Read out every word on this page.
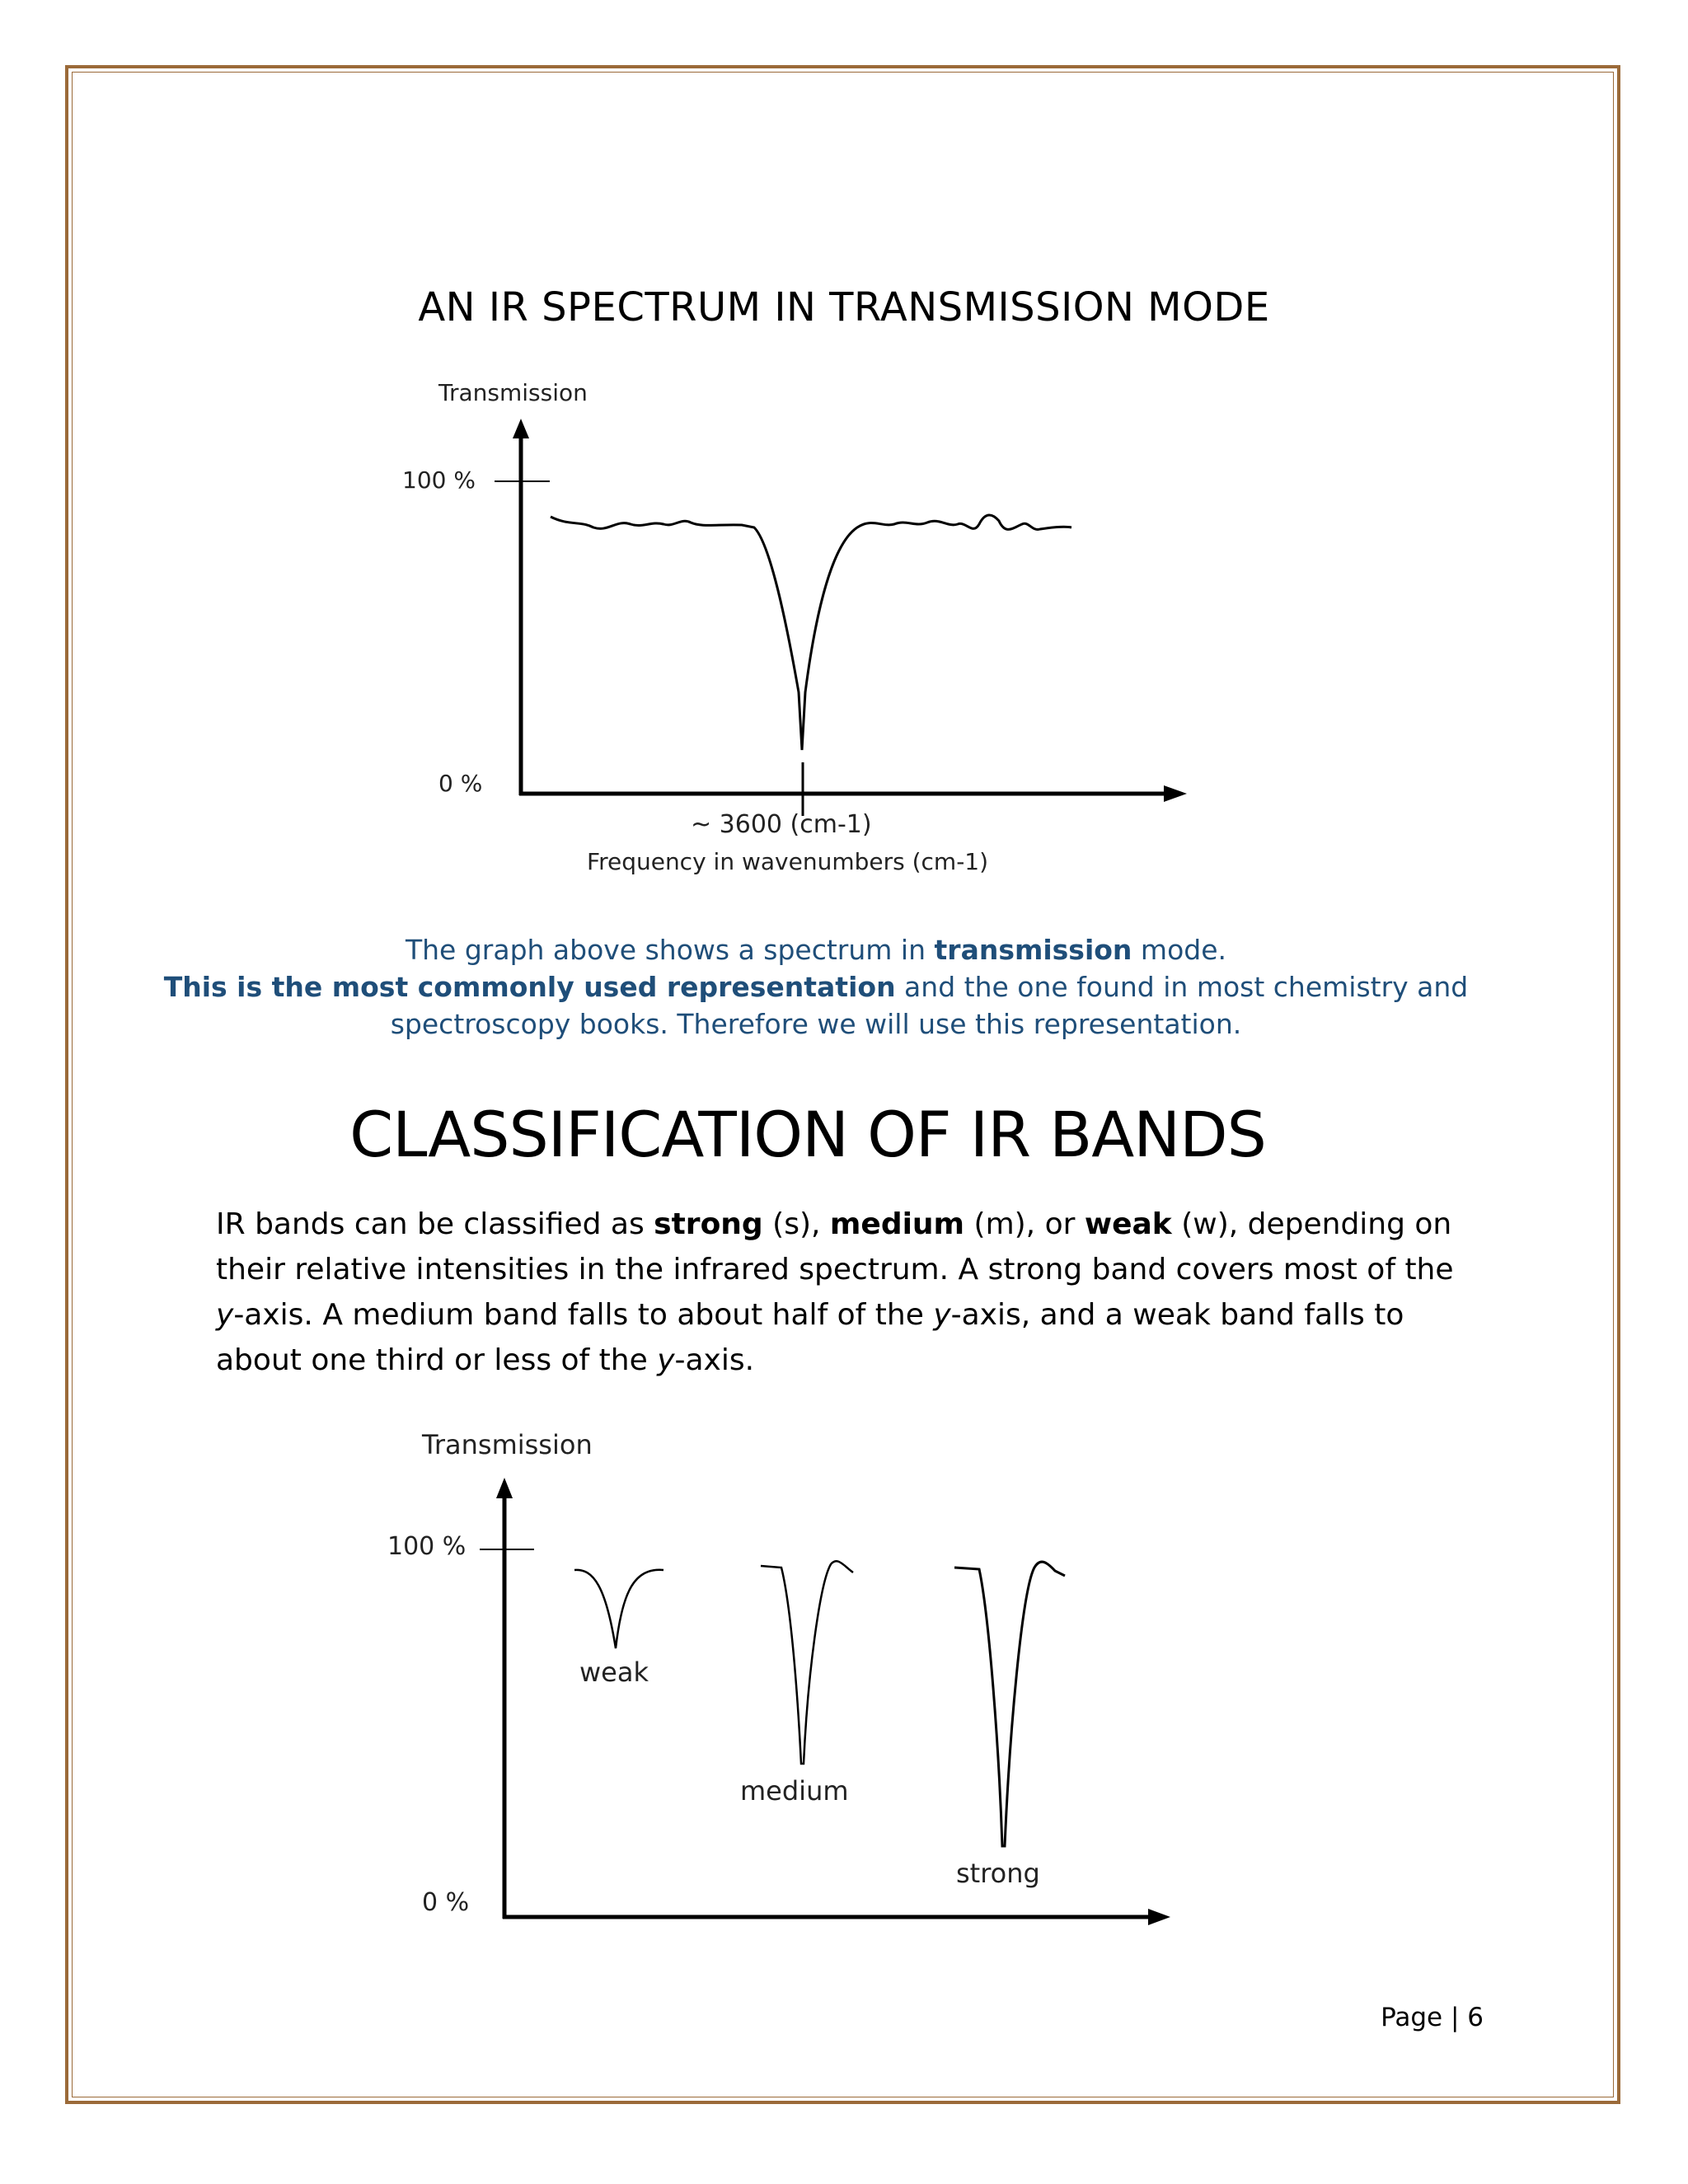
AN IR SPECTRUM IN TRANSMISSION MODE
Transmission
100 %
0 %
~ 3600 (cm-1)
Frequency in wavenumbers (cm-1)
The graph above shows a spectrum in transmission mode.
This is the most commonly used representation and the one found in most chemistry and spectroscopy books. Therefore we will use this representation.
CLASSIFICATION OF IR BANDS
IR bands can be classified as strong (s), medium (m), or weak (w), depending on their relative intensities in the infrared spectrum. A strong band covers most of the y-axis. A medium band falls to about half of the y-axis, and a weak band falls to about one third or less of the y-axis.
Transmission
100 %
0 %
weak
medium
strong
Page | 6
